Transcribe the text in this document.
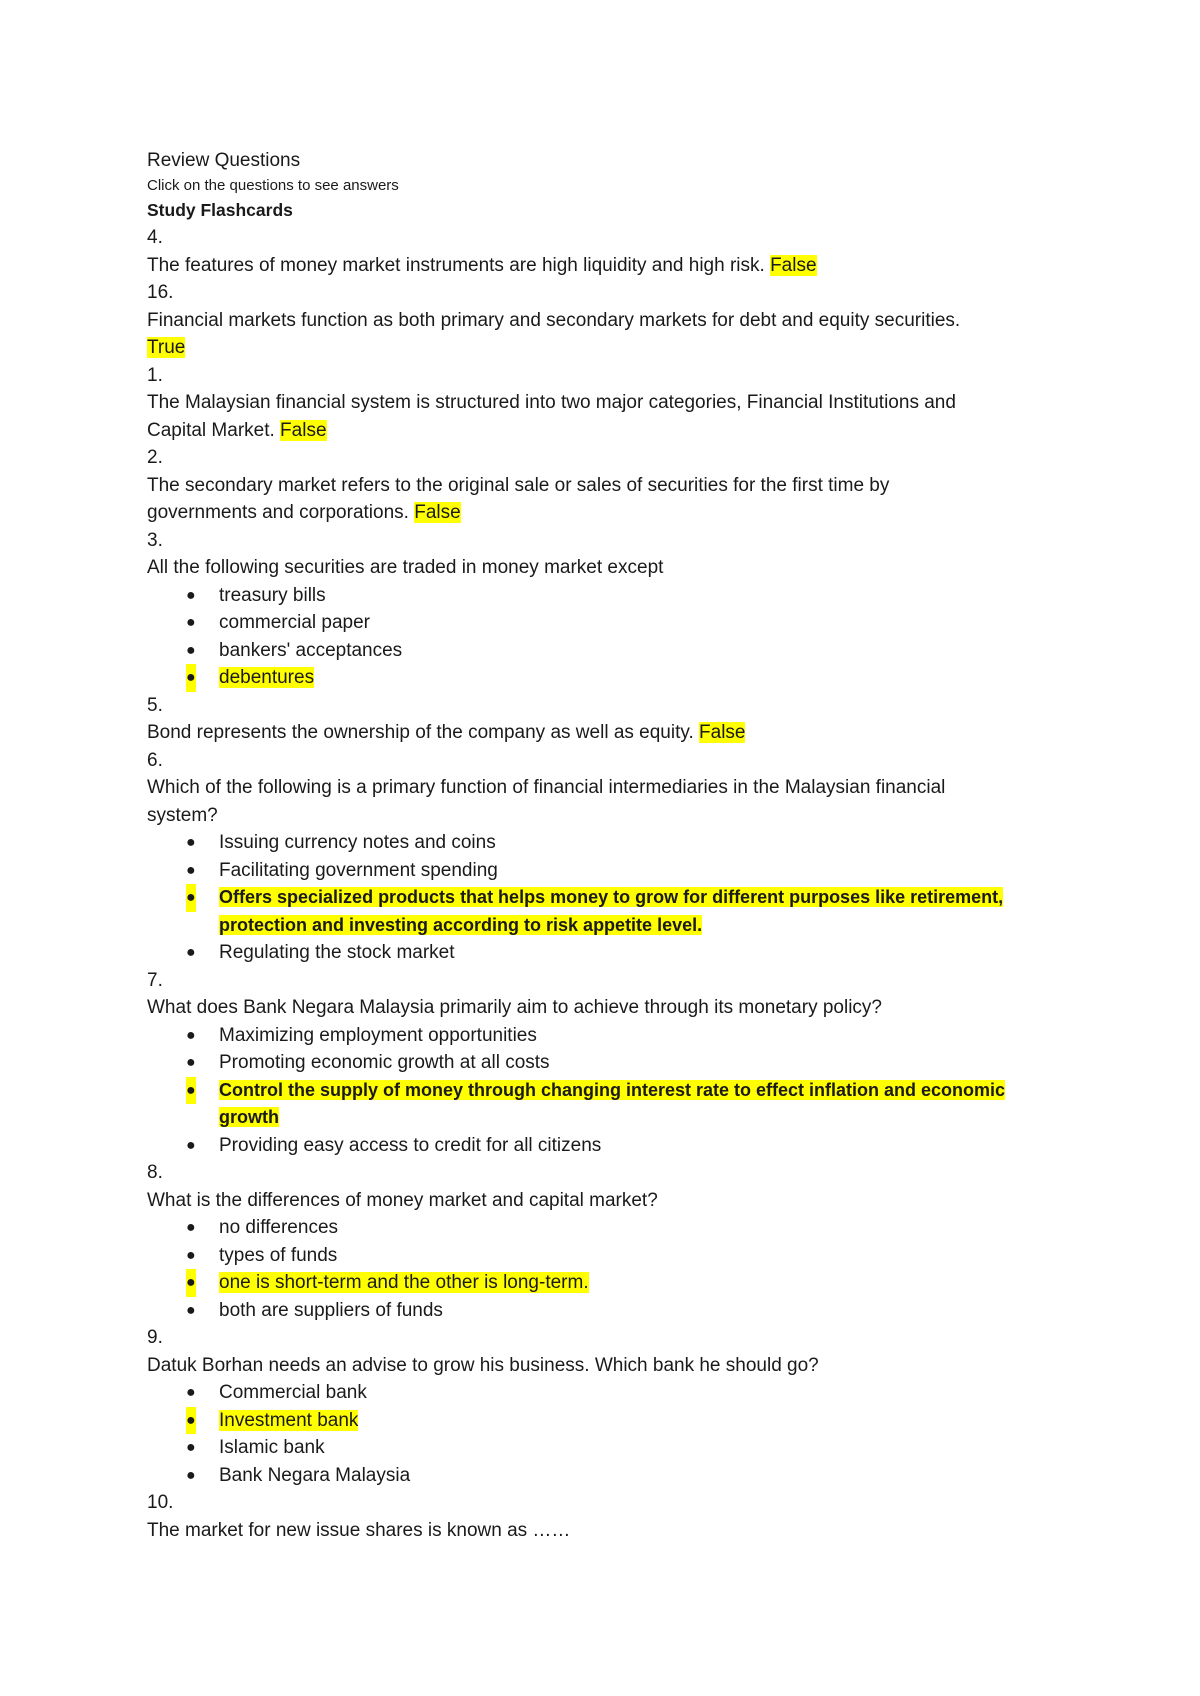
Review Questions

Click on the questions to see answers

Study Flashcards

4.

The features of money market instruments are high liquidity and high risk. False

16.

Financial markets function as both primary and secondary markets for debt and equity securities.

True

1.

The Malaysian financial system is structured into two major categories, Financial Institutions and Capital Market. False

2.

The secondary market refers to the original sale or sales of securities for the first time by governments and corporations. False

3.

All the following securities are traded in money market except

● treasury bills
● commercial paper
● bankers' acceptances
● debentures

5.

Bond represents the ownership of the company as well as equity. False

6.

Which of the following is a primary function of financial intermediaries in the Malaysian financial system?

● Issuing currency notes and coins
● Facilitating government spending
● Offers specialized products that helps money to grow for different purposes like retirement, protection and investing according to risk appetite level.
● Regulating the stock market

7.

What does Bank Negara Malaysia primarily aim to achieve through its monetary policy?

● Maximizing employment opportunities
● Promoting economic growth at all costs
● Control the supply of money through changing interest rate to effect inflation and economic growth
● Providing easy access to credit for all citizens

8.

What is the differences of money market and capital market?

● no differences
● types of funds
● one is short-term and the other is long-term.
● both are suppliers of funds

9.

Datuk Borhan needs an advise to grow his business. Which bank he should go?

● Commercial bank
● Investment bank
● Islamic bank
● Bank Negara Malaysia

10.

The market for new issue shares is known as ……
